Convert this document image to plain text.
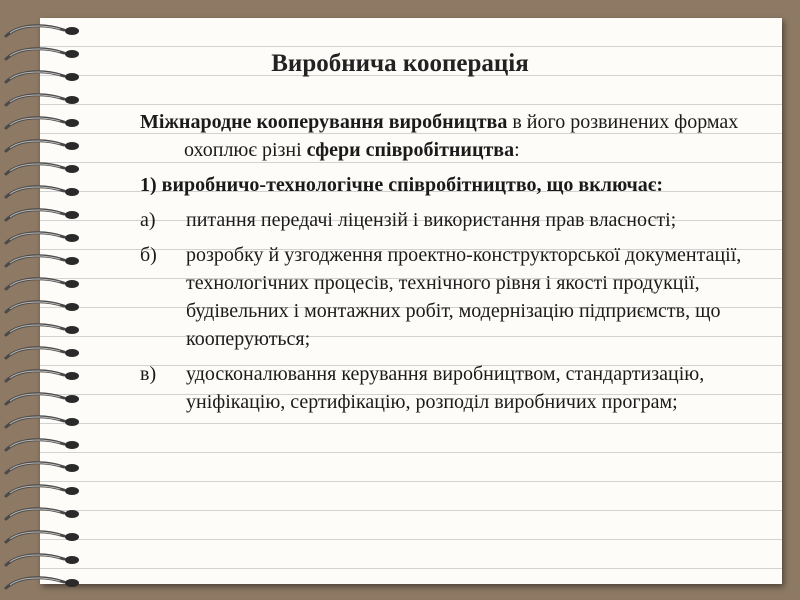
Виробнича кооперація

Міжнародне кооперування виробництва в його розвинених формах охоплює різні сфери співробітництва:

1) виробничо-технологічне співробітництво, що включає:

а) питання передачі ліцензій і використання прав власності;

б) розробку й узгодження проектно-конструкторської документації, технологічних процесів, технічного рівня і якості продукції, будівельних і монтажних робіт, модернізацію підприємств, що кооперуються;

в) удосконалювання керування виробництвом, стандартизацію, уніфікацію, сертифікацію, розподіл виробничих програм;
